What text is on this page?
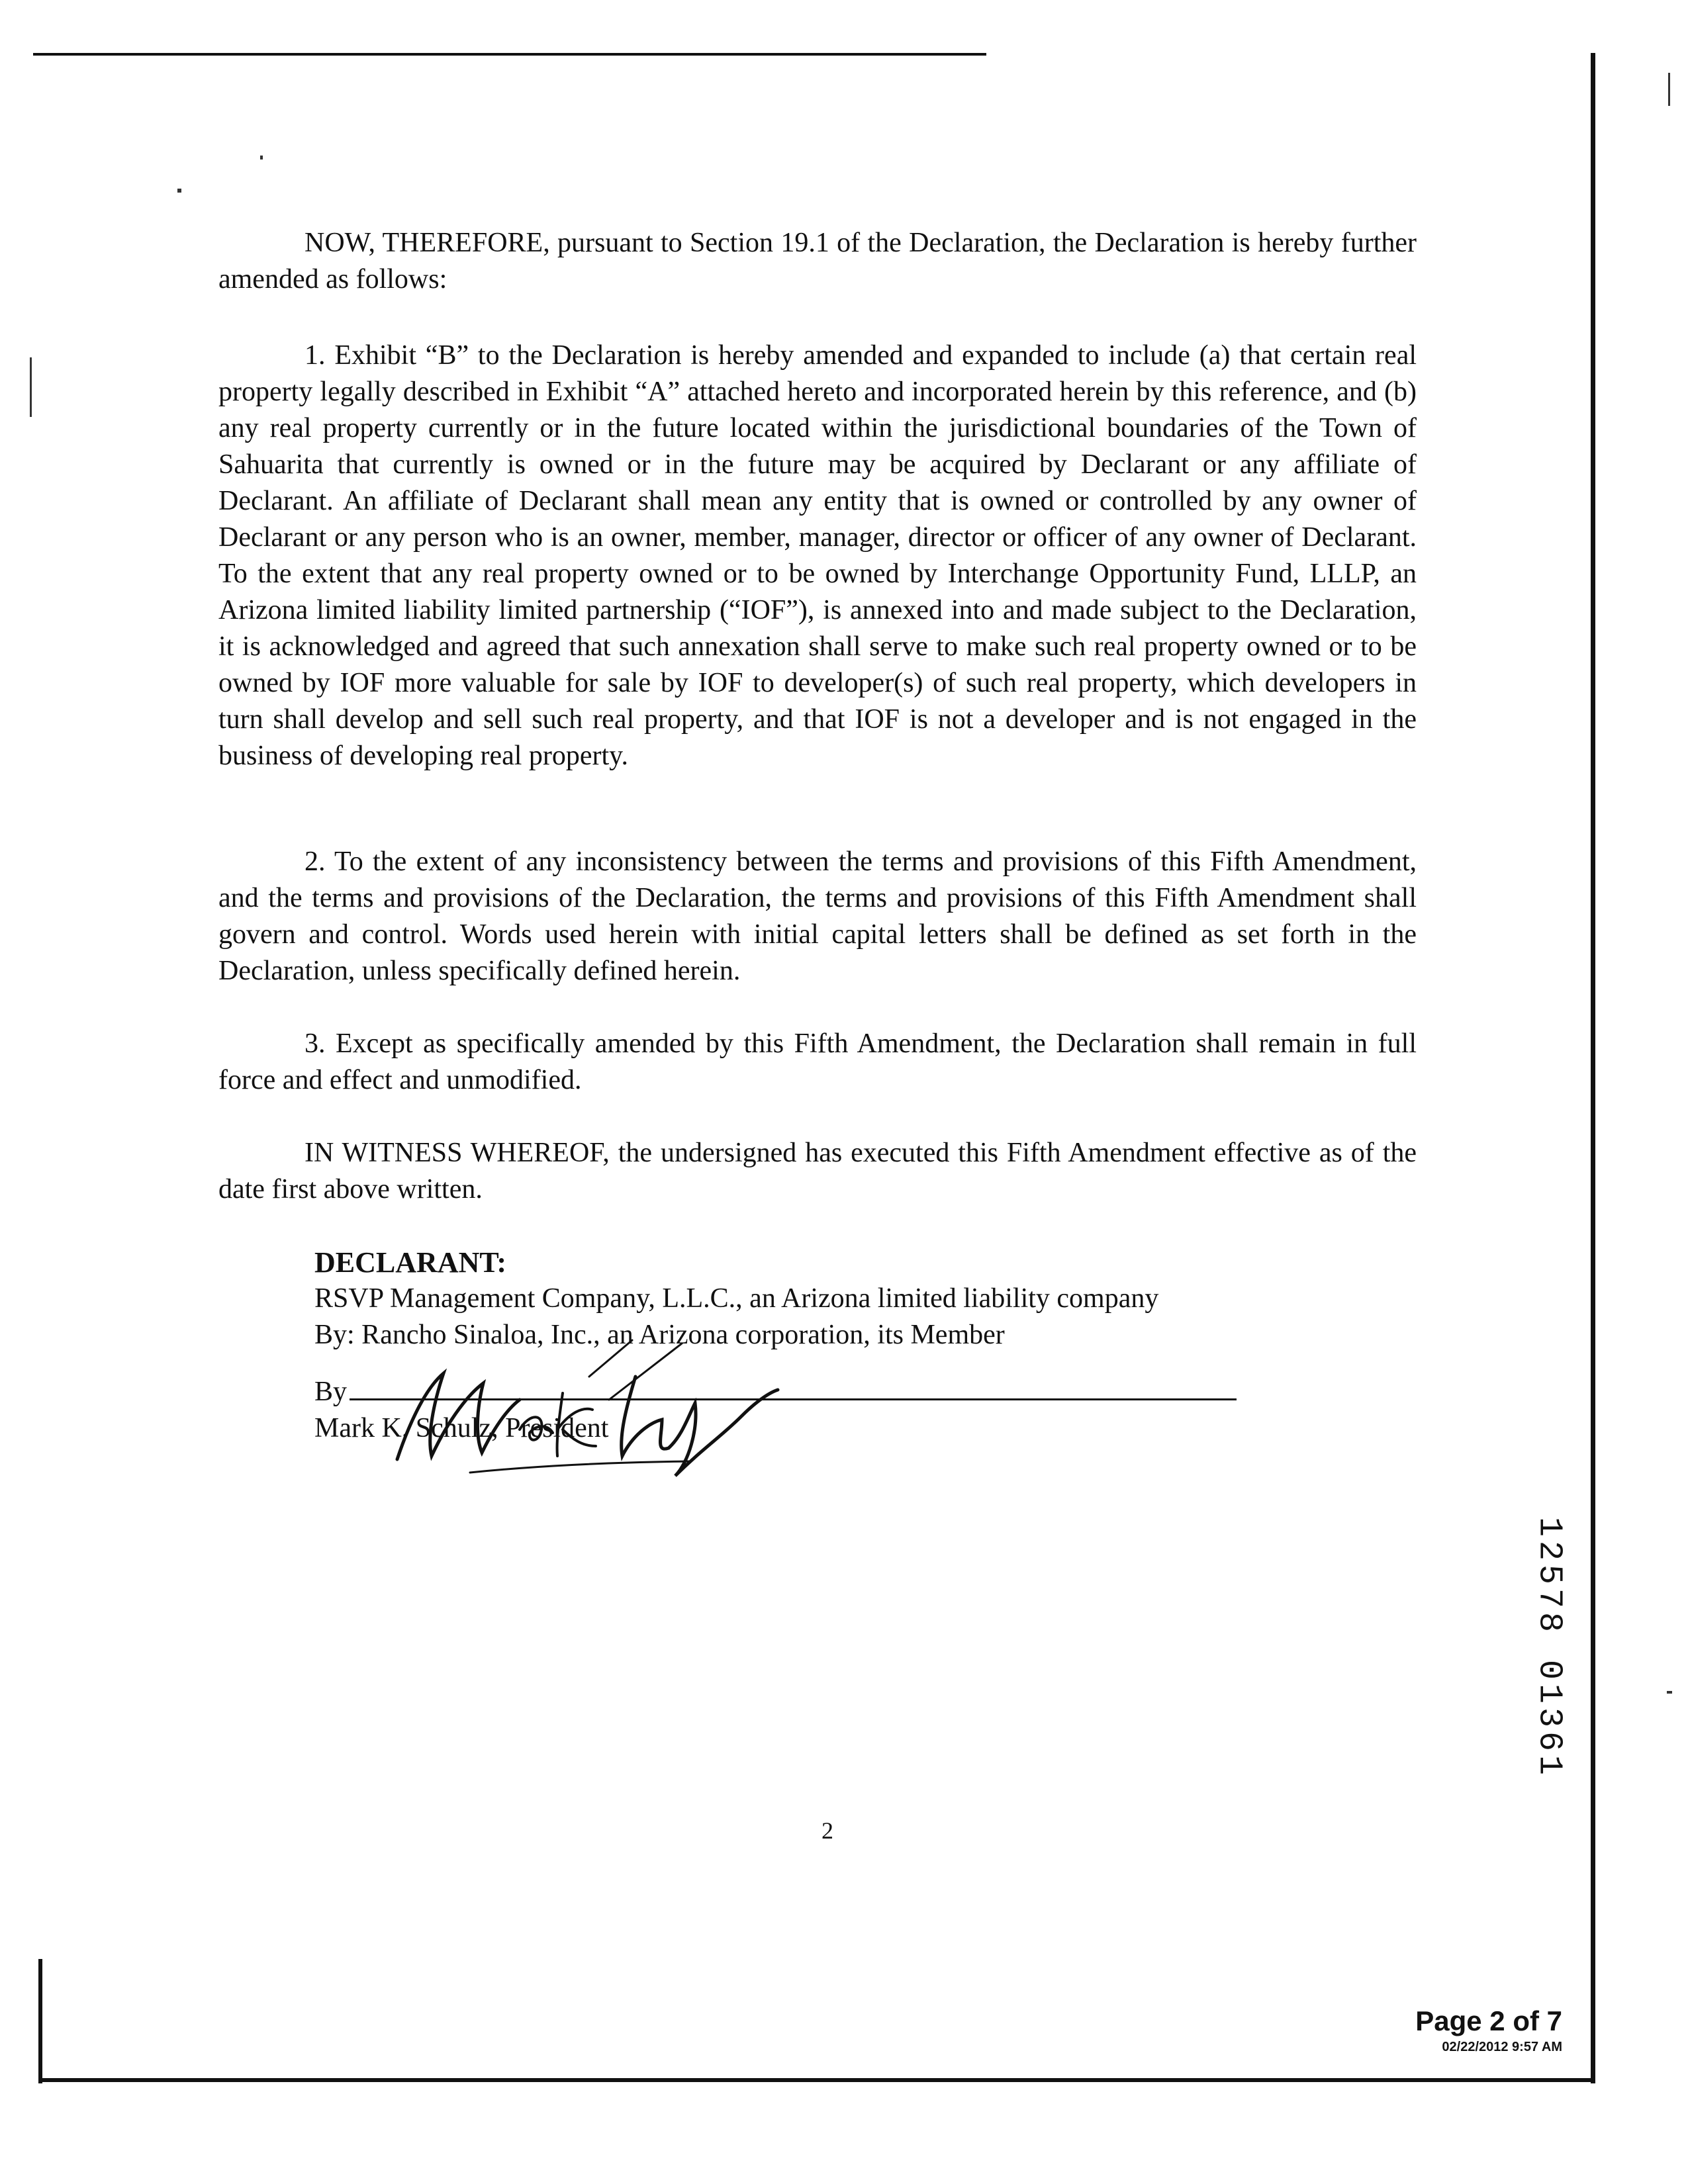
NOW, THEREFORE, pursuant to Section 19.1 of the Declaration, the Declaration is hereby further amended as follows:

1. Exhibit “B” to the Declaration is hereby amended and expanded to include (a) that certain real property legally described in Exhibit “A” attached hereto and incorporated herein by this reference, and (b) any real property currently or in the future located within the jurisdictional boundaries of the Town of Sahuarita that currently is owned or in the future may be acquired by Declarant or any affiliate of Declarant. An affiliate of Declarant shall mean any entity that is owned or controlled by any owner of Declarant or any person who is an owner, member, manager, director or officer of any owner of Declarant. To the extent that any real property owned or to be owned by Interchange Opportunity Fund, LLLP, an Arizona limited liability limited partnership (“IOF”), is annexed into and made subject to the Declaration, it is acknowledged and agreed that such annexation shall serve to make such real property owned or to be owned by IOF more valuable for sale by IOF to developer(s) of such real property, which developers in turn shall develop and sell such real property, and that IOF is not a developer and is not engaged in the business of developing real property.

2. To the extent of any inconsistency between the terms and provisions of this Fifth Amendment, and the terms and provisions of the Declaration, the terms and provisions of this Fifth Amendment shall govern and control. Words used herein with initial capital letters shall be defined as set forth in the Declaration, unless specifically defined herein.

3. Except as specifically amended by this Fifth Amendment, the Declaration shall remain in full force and effect and unmodified.

IN WITNESS WHEREOF, the undersigned has executed this Fifth Amendment effective as of the date first above written.

DECLARANT:
RSVP Management Company, L.L.C., an Arizona limited liability company
By: Rancho Sinaloa, Inc., an Arizona corporation, its Member
By
Mark K. Schulz, President
2
12578 01361
Page 2 of 7
02/22/2012 9:57 AM
